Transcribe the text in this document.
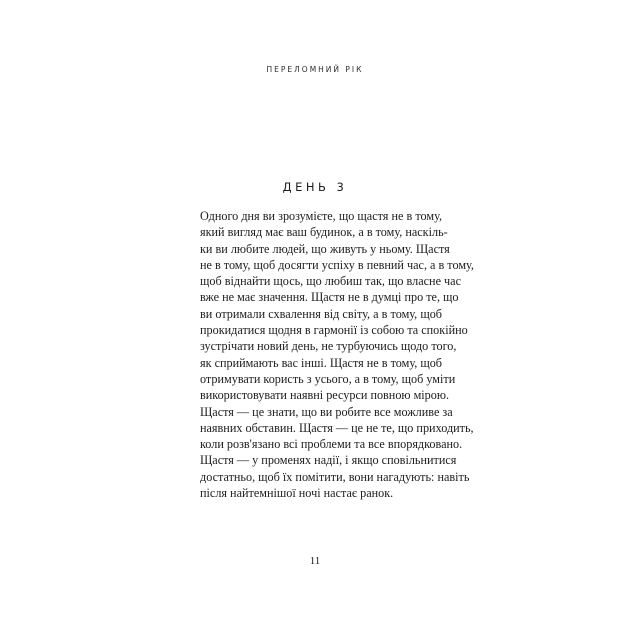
ПЕРЕЛОМНИЙ РІК
ДЕНЬ 3
Одного дня ви зрозумієте, що щастя не в тому,
який вигляд має ваш будинок, а в тому, наскіль-
ки ви любите людей, що живуть у ньому. Щастя
не в тому, щоб досягти успіху в певний час, а в тому,
щоб віднайти щось, що любиш так, що власне час
вже не має значення. Щастя не в думці про те, що
ви отримали схвалення від світу, а в тому, щоб
прокидатися щодня в гармонії із собою та спокійно
зустрічати новий день, не турбуючись щодо того,
як сприймають вас інші. Щастя не в тому, щоб
отримувати користь з усього, а в тому, щоб уміти
використовувати наявні ресурси повною мірою.
Щастя — це знати, що ви робите все можливе за
наявних обставин. Щастя — це не те, що приходить,
коли розв'язано всі проблеми та все впорядковано.
Щастя — у променях надії, і якщо сповільнитися
достатньо, щоб їх помітити, вони нагадують: навіть
після найтемнішої ночі настає ранок.
11
